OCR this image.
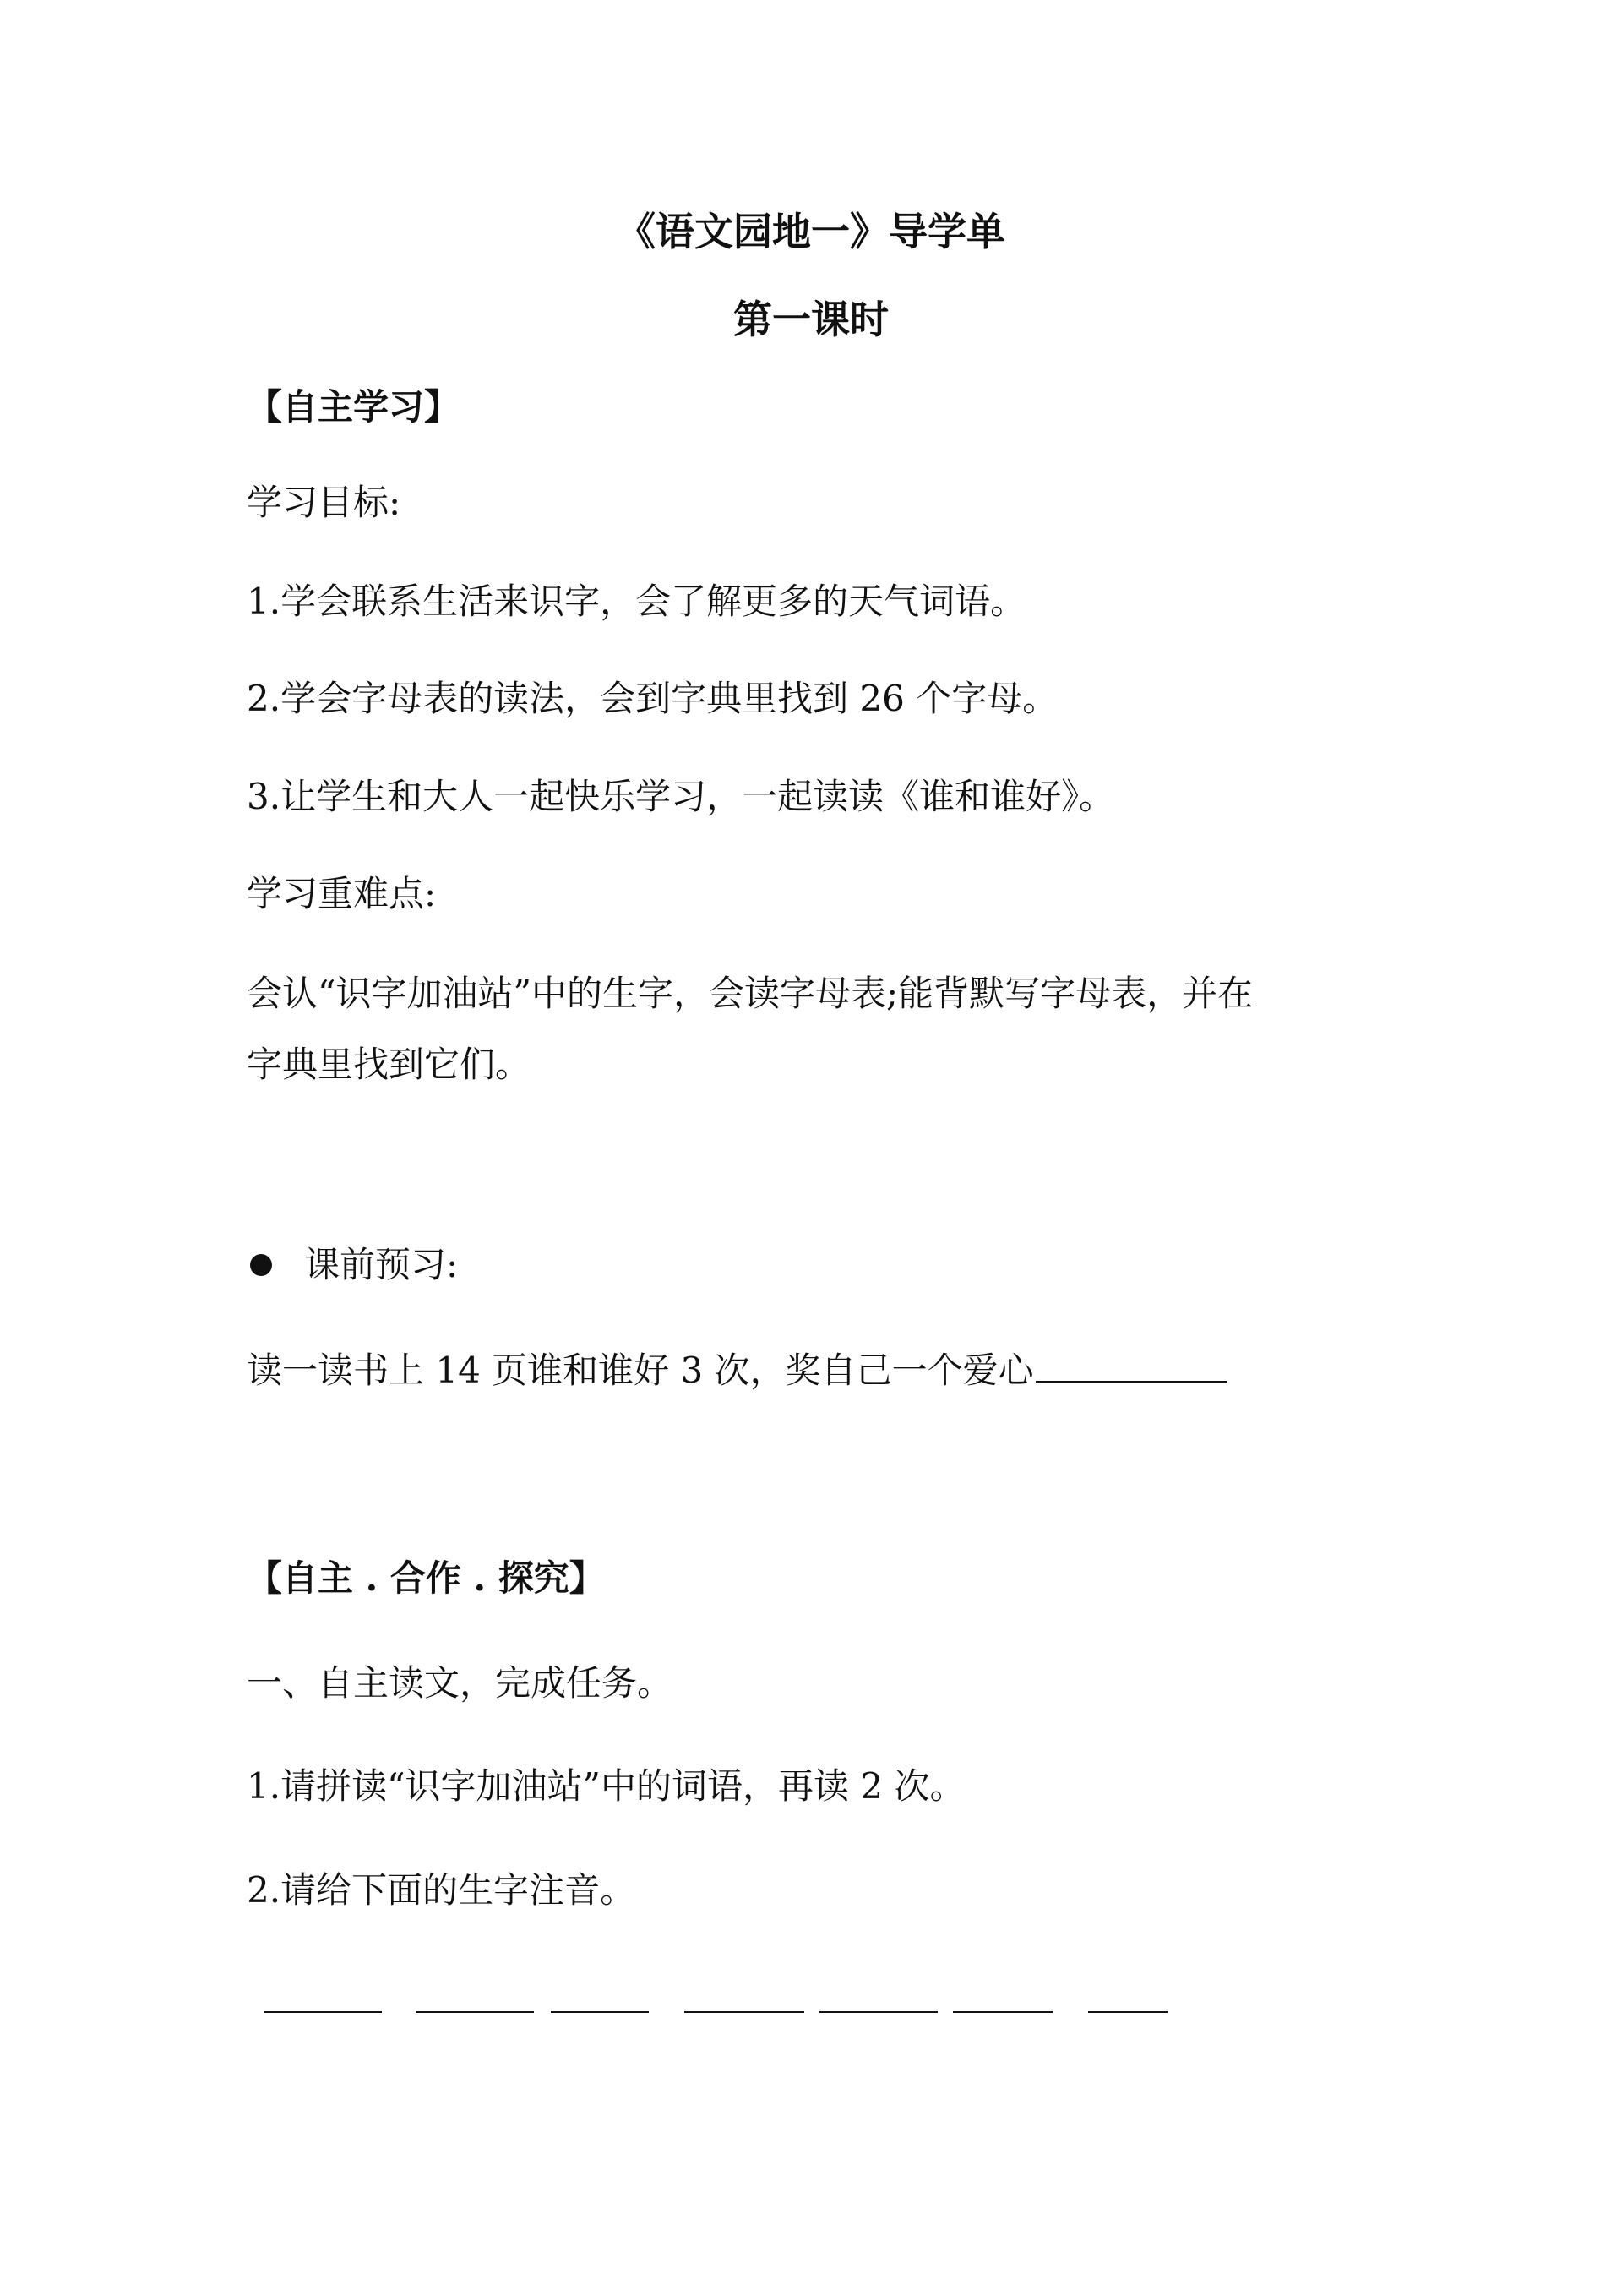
《语文园地一》导学单
第一课时
【自主学习】
学习目标:
1.学会联系生活来识字，会了解更多的天气词语。
2.学会字母表的读法，会到字典里找到 26 个字母。
3.让学生和大人一起快乐学习，一起读读《谁和谁好》。
学习重难点:
会认“识字加油站”中的生字，会读字母表;能背默写字母表，并在
字典里找到它们。
课前预习:
读一读书上 14 页谁和谁好 3 次，奖自己一个爱心
【自主 . 合作 . 探究】
一、自主读文，完成任务。
1.请拼读“识字加油站”中的词语，再读 2 次。
2.请给下面的生字注音。
